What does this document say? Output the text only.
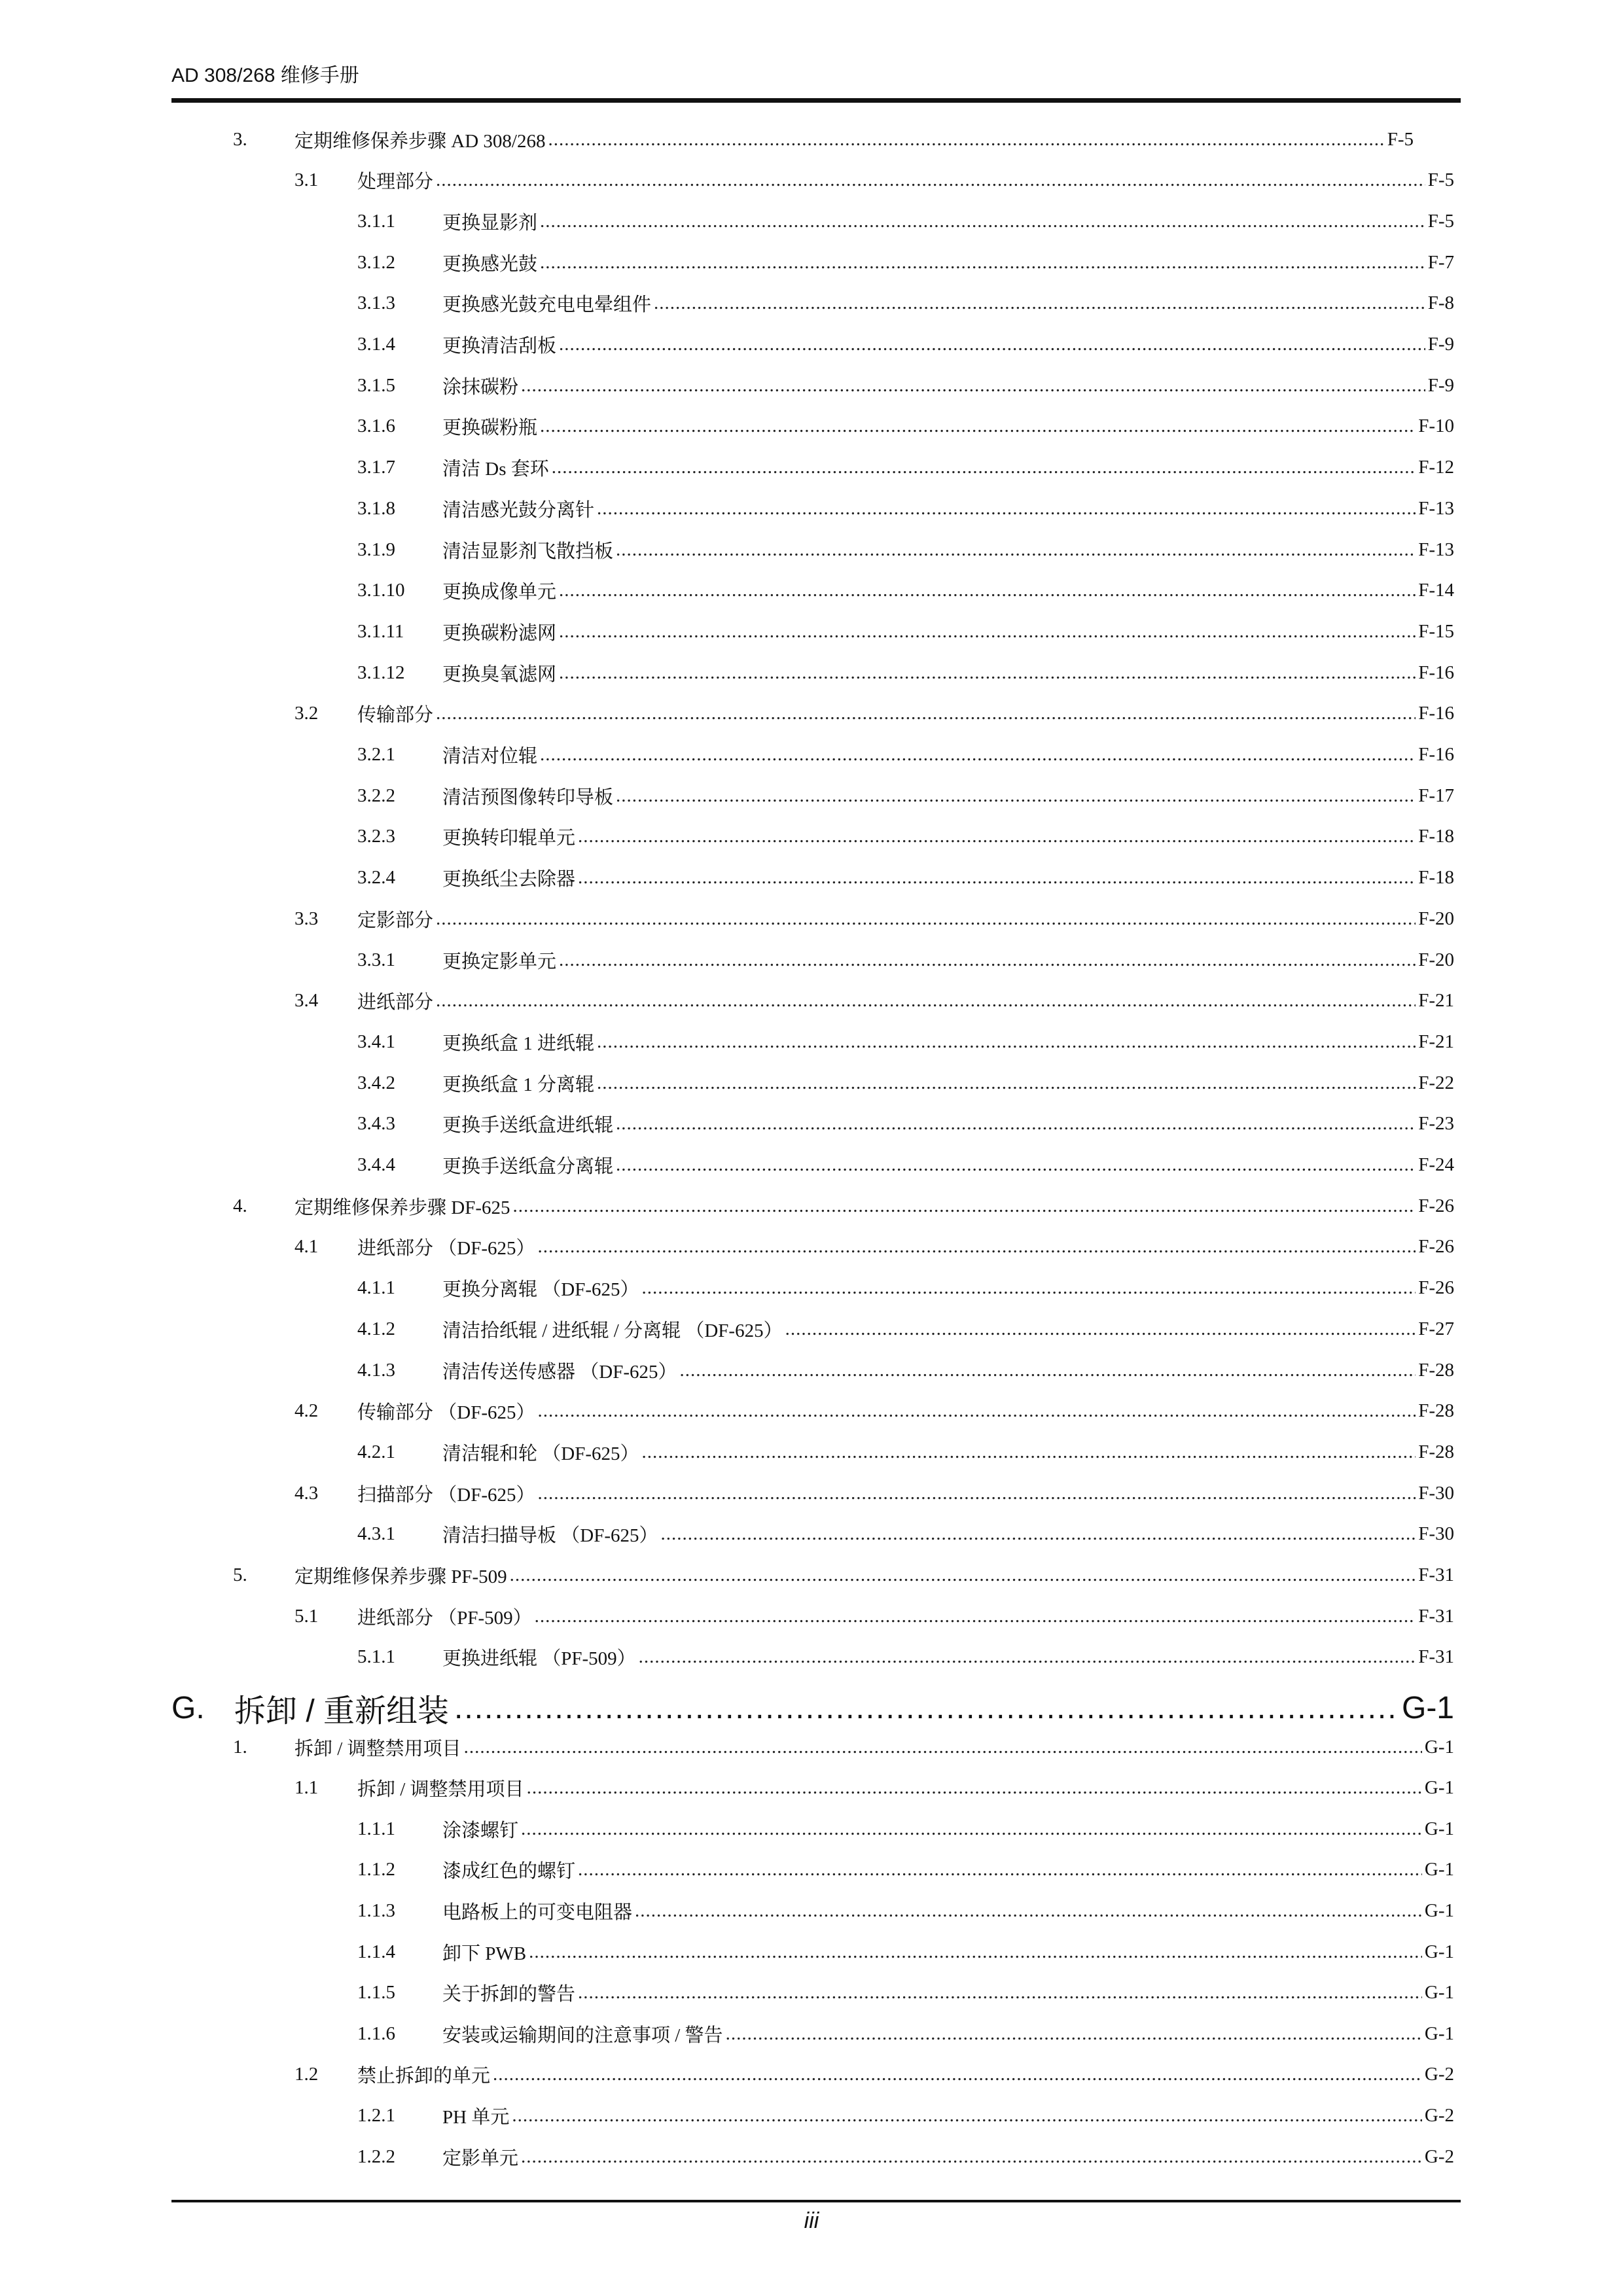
AD 308/268 维修手册
3.	定期维修保养步骤 AD 308/268 .....	F-5
3.1	处理部分 .....	F-5
3.1.1	更换显影剂 .....	F-5
3.1.2	更换感光鼓 .....	F-7
3.1.3	更换感光鼓充电电晕组件 .....	F-8
3.1.4	更换清洁刮板 .....	F-9
3.1.5	涂抹碳粉 .....	F-9
3.1.6	更换碳粉瓶 .....	F-10
3.1.7	清洁 Ds 套环 .....	F-12
3.1.8	清洁感光鼓分离针 .....	F-13
3.1.9	清洁显影剂飞散挡板 .....	F-13
3.1.10	更换成像单元 .....	F-14
3.1.11	更换碳粉滤网 .....	F-15
3.1.12	更换臭氧滤网 .....	F-16
3.2	传输部分 .....	F-16
3.2.1	清洁对位辊 .....	F-16
3.2.2	清洁预图像转印导板 .....	F-17
3.2.3	更换转印辊单元 .....	F-18
3.2.4	更换纸尘去除器 .....	F-18
3.3	定影部分 .....	F-20
3.3.1	更换定影单元 .....	F-20
3.4	进纸部分 .....	F-21
3.4.1	更换纸盒 1 进纸辊 .....	F-21
3.4.2	更换纸盒 1 分离辊 .....	F-22
3.4.3	更换手送纸盒进纸辊 .....	F-23
3.4.4	更换手送纸盒分离辊 .....	F-24
4.	定期维修保养步骤 DF-625 .....	F-26
4.1	进纸部分 （DF-625） .....	F-26
4.1.1	更换分离辊 （DF-625） .....	F-26
4.1.2	清洁拾纸辊 / 进纸辊 / 分离辊 （DF-625） .....	F-27
4.1.3	清洁传送传感器 （DF-625） .....	F-28
4.2	传输部分 （DF-625） .....	F-28
4.2.1	清洁辊和轮 （DF-625） .....	F-28
4.3	扫描部分 （DF-625） .....	F-30
4.3.1	清洁扫描导板 （DF-625） .....	F-30
5.	定期维修保养步骤 PF-509 .....	F-31
5.1	进纸部分 （PF-509） .....	F-31
5.1.1	更换进纸辊 （PF-509） .....	F-31
G. 拆卸 / 重新组装 .....	G-1
1.	拆卸 / 调整禁用项目 .....	G-1
1.1	拆卸 / 调整禁用项目 .....	G-1
1.1.1	涂漆螺钉 .....	G-1
1.1.2	漆成红色的螺钉 .....	G-1
1.1.3	电路板上的可变电阻器 .....	G-1
1.1.4	卸下 PWB .....	G-1
1.1.5	关于拆卸的警告 .....	G-1
1.1.6	安装或运输期间的注意事项 / 警告 .....	G-1
1.2	禁止拆卸的单元 .....	G-2
1.2.1	PH 单元 .....	G-2
1.2.2	定影单元 .....	G-2
iii
